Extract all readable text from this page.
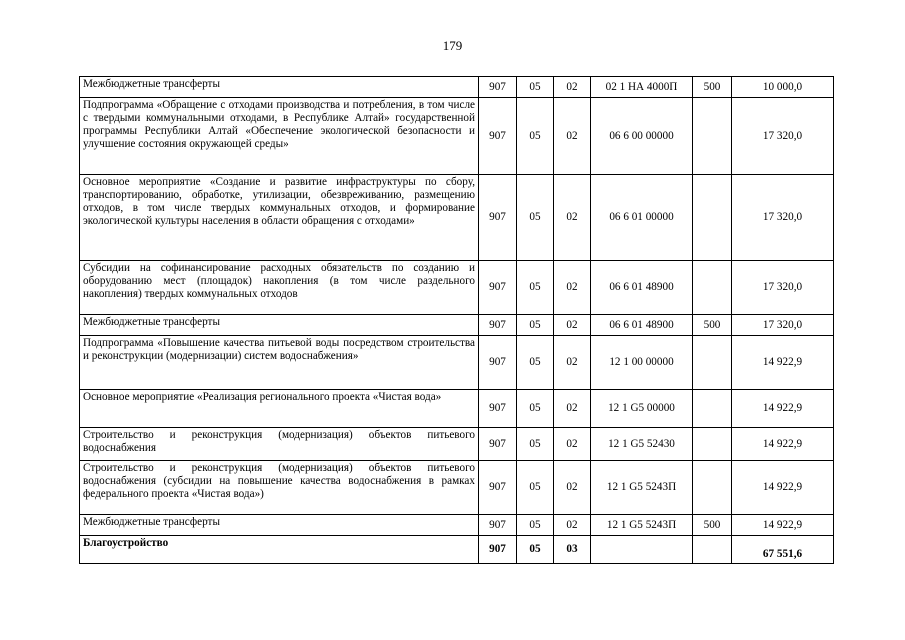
179
Межбюджетные трансферты	907	05	02	02 1 НА 4000П	500	10 000,0
Подпрограмма «Обращение с отходами производства и потребления, в том числе с твердыми коммунальными отходами, в Республике Алтай» государственной программы Республики Алтай «Обеспечение экологической безопасности и улучшение состояния окружающей среды»	907	05	02	06 6 00 00000		17 320,0
Основное мероприятие «Создание и развитие инфраструктуры по сбору, транспортированию, обработке, утилизации, обезвреживанию, размещению отходов, в том числе твердых коммунальных отходов, и формирование экологической культуры населения в области обращения с отходами»	907	05	02	06 6 01 00000		17 320,0
Субсидии на софинансирование расходных обязательств по созданию и оборудованию мест (площадок) накопления (в том числе раздельного накопления) твердых коммунальных отходов	907	05	02	06 6 01 48900		17 320,0
Межбюджетные трансферты	907	05	02	06 6 01 48900	500	17 320,0
Подпрограмма «Повышение качества питьевой воды посредством строительства и реконструкции (модернизации) систем водоснабжения»	907	05	02	12 1 00 00000		14 922,9
Основное мероприятие «Реализация регионального проекта «Чистая вода»	907	05	02	12 1 G5 00000		14 922,9
Строительство и реконструкция (модернизация) объектов питьевого водоснабжения	907	05	02	12 1 G5 52430		14 922,9
Строительство и реконструкция (модернизация) объектов питьевого водоснабжения (субсидии на повышение качества водоснабжения в рамках федерального проекта «Чистая вода»)	907	05	02	12 1 G5 5243П		14 922,9
Межбюджетные трансферты	907	05	02	12 1 G5 5243П	500	14 922,9
Благоустройство	907	05	03			67 551,6
